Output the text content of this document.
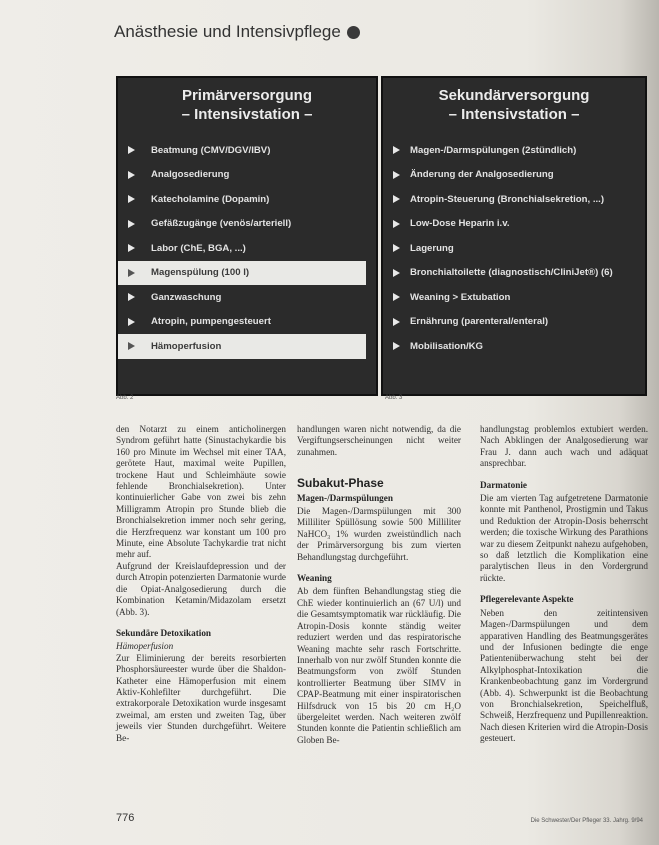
Anästhesie und Intensivpflege
Primärversorgung
– Intensivstation –
Beatmung (CMV/DGV/IBV)
Analgosedierung
Katecholamine (Dopamin)
Gefäßzugänge (venös/arteriell)
Labor (ChE, BGA, ...)
Magenspülung (100 l)
Ganzwaschung
Atropin, pumpengesteuert
Hämoperfusion
Abb. 2
Sekundärversorgung
– Intensivstation –
Magen-/Darmspülungen (2stündlich)
Änderung der Analgosedierung
Atropin-Steuerung (Bronchialsekretion, ...)
Low-Dose Heparin i.v.
Lagerung
Bronchialtoilette (diagnostisch/CliniJet®) (6)
Weaning > Extubation
Ernährung (parenteral/enteral)
Mobilisation/KG
Abb. 3

den Notarzt zu einem anticholinergen Syndrom geführt hatte (Sinustachykardie bis 160 pro Minute im Wechsel mit einer TAA, gerötete Haut, maximal weite Pupillen, trockene Haut und Schleimhäute sowie fehlende Bronchialsekretion). Unter kontinuierlicher Gabe von zwei bis zehn Milligramm Atropin pro Stunde blieb die Bronchialsekretion immer noch sehr gering, die Herzfrequenz war konstant um 100 pro Minute, eine Absolute Tachykardie trat nicht mehr auf.

Aufgrund der Kreislaufdepression und der durch Atropin potenzierten Darmatonie wurde die Opiat-Analgosedierung durch die Kombination Ketamin/Midazolam ersetzt (Abb. 3).

Sekundäre Detoxikation

Hämoperfusion

Zur Eliminierung der bereits resorbierten Phosphorsäureester wurde über die Shaldon-Katheter eine Hämoperfusion mit einem Aktiv-Kohlefilter durchgeführt. Die extrakorporale Detoxikation wurde insgesamt zweimal, am ersten und zweiten Tag, über jeweils vier Stunden durchgeführt. Weitere Be-

handlungen waren nicht notwendig, da die Vergiftungserscheinungen nicht weiter zunahmen.

Subakut-Phase
Magen-/Darmspülungen

Die Magen-/Darmspülungen mit 300 Milliliter Spüllösung sowie 500 Milliliter NaHCO₃ 1% wurden zweistündlich nach der Primärversorgung bis zum vierten Behandlungstag durchgeführt.

Weaning

Ab dem fünften Behandlungstag stieg die ChE wieder kontinuierlich an (67 U/l) und die Gesamtsymptomatik war rückläufig. Die Atropin-Dosis konnte ständig weiter reduziert werden und das respiratorische Weaning machte sehr rasch Fortschritte. Innerhalb von nur zwölf Stunden konnte die Beatmungsform von zwölf Stunden kontrollierter Beatmung über SIMV in CPAP-Beatmung mit einer inspiratorischen Hilfsdruck von 15 bis 20 cm H₂O übergeleitet werden. Nach weiteren zwölf Stunden konnte die Patientin schließlich am Globen Be-

handlungstag problemlos extubiert werden. Nach Abklingen der Analgosedierung war Frau J. dann auch wach und adäquat ansprechbar.

Darmatonie

Die am vierten Tag aufgetretene Darmatonie konnte mit Panthenol, Prostigmin und Takus und Reduktion der Atropin-Dosis beherrscht werden; die toxische Wirkung des Parathions war zu diesem Zeitpunkt nahezu aufgehoben, so daß letztlich die Komplikation eine paralytischen Ileus in den Vordergrund rückte.

Pflegerelevante Aspekte

Neben den zeitintensiven Magen-/Darmspülungen und dem apparativen Handling des Beatmungsgerätes und der Infusionen bedingte die enge Patientenüberwachung steht bei der Alkylphosphat-Intoxikation die Krankenbeobachtung ganz im Vordergrund (Abb. 4). Schwerpunkt ist die Beobachtung von Bronchialsekretion, Speichelfluß, Schweiß, Herzfrequenz und Pupillenreaktion. Nach diesen Kriterien wird die Atropin-Dosis gesteuert.

776	Die Schwester/Der Pfleger 33. Jahrg. 9/94
